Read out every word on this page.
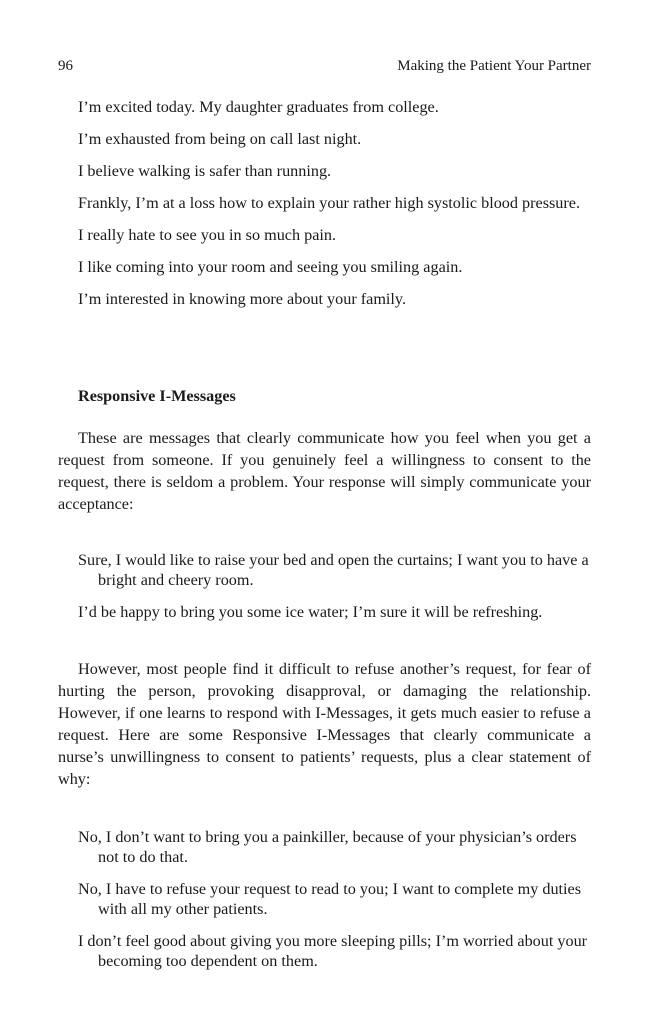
96	Making the Patient Your Partner

I’m excited today. My daughter graduates from college.

I’m exhausted from being on call last night.

I believe walking is safer than running.

Frankly, I’m at a loss how to explain your rather high systolic blood pressure.

I really hate to see you in so much pain.

I like coming into your room and seeing you smiling again.

I’m interested in knowing more about your family.

Responsive I-Messages

These are messages that clearly communicate how you feel when you get a request from someone. If you genuinely feel a willingness to consent to the request, there is seldom a problem. Your response will simply communicate your acceptance:

Sure, I would like to raise your bed and open the curtains; I want you to have a bright and cheery room.

I’d be happy to bring you some ice water; I’m sure it will be refreshing.

However, most people find it difficult to refuse another’s request, for fear of hurting the person, provoking disapproval, or damaging the relationship. However, if one learns to respond with I-Messages, it gets much easier to refuse a request. Here are some Responsive I-Messages that clearly communicate a nurse’s unwillingness to consent to patients’ requests, plus a clear statement of why:

No, I don’t want to bring you a painkiller, because of your physician’s orders not to do that.

No, I have to refuse your request to read to you; I want to complete my duties with all my other patients.

I don’t feel good about giving you more sleeping pills; I’m worried about your becoming too dependent on them.
